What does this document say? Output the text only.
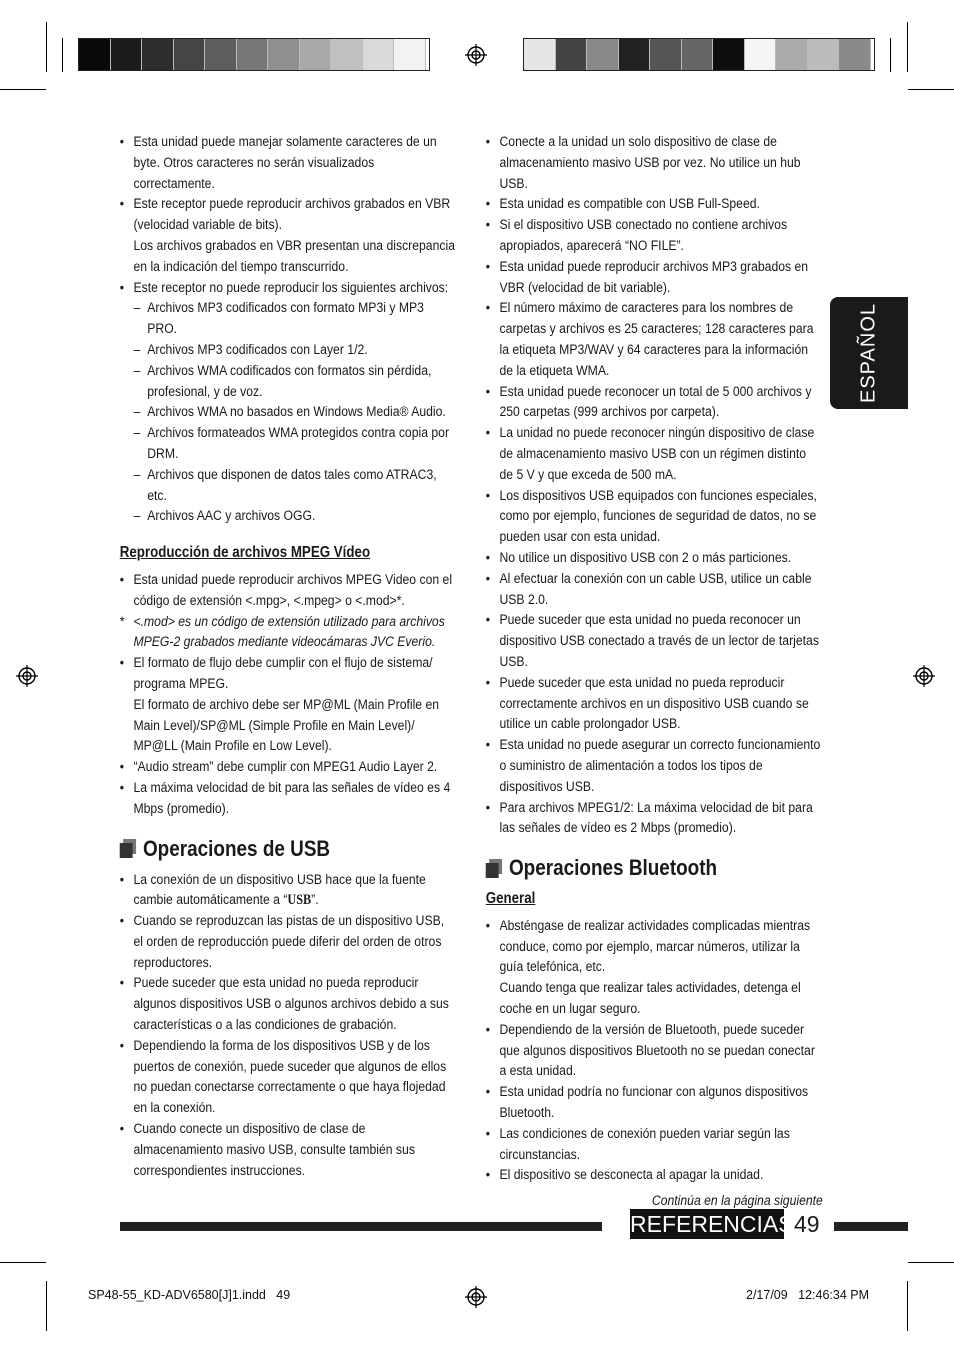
ESPAÑOL
• Esta unidad puede manejar solamente caracteres de un byte. Otros caracteres no serán visualizados correctamente.
• Este receptor puede reproducir archivos grabados en VBR (velocidad variable de bits).
Los archivos grabados en VBR presentan una discrepancia en la indicación del tiempo transcurrido.
• Este receptor no puede reproducir los siguientes archivos:
– Archivos MP3 codificados con formato MP3i y MP3 PRO.
– Archivos MP3 codificados con Layer 1/2.
– Archivos WMA codificados con formatos sin pérdida, profesional, y de voz.
– Archivos WMA no basados en Windows Media® Audio.
– Archivos formateados WMA protegidos contra copia por DRM.
– Archivos que disponen de datos tales como ATRAC3, etc.
– Archivos AAC y archivos OGG.
Reproducción de archivos MPEG Vídeo
• Esta unidad puede reproducir archivos MPEG Video con el código de extensión <.mpg>, <.mpeg> o <.mod>*.
* <.mod> es un código de extensión utilizado para archivos MPEG-2 grabados mediante videocámaras JVC Everio.
• El formato de flujo debe cumplir con el flujo de sistema/ programa MPEG.
El formato de archivo debe ser MP@ML (Main Profile en Main Level)/SP@ML (Simple Profile en Main Level)/ MP@LL (Main Profile en Low Level).
• “Audio stream” debe cumplir con MPEG1 Audio Layer 2.
• La máxima velocidad de bit para las señales de vídeo es 4 Mbps (promedio).
Operaciones de USB
• La conexión de un dispositivo USB hace que la fuente cambie automáticamente a “USB”.
• Cuando se reproduzcan las pistas de un dispositivo USB, el orden de reproducción puede diferir del orden de otros reproductores.
• Puede suceder que esta unidad no pueda reproducir algunos dispositivos USB o algunos archivos debido a sus características o a las condiciones de grabación.
• Dependiendo la forma de los dispositivos USB y de los puertos de conexión, puede suceder que algunos de ellos no puedan conectarse correctamente o que haya flojedad en la conexión.
• Cuando conecte un dispositivo de clase de almacenamiento masivo USB, consulte también sus correspondientes instrucciones.
• Conecte a la unidad un solo dispositivo de clase de almacenamiento masivo USB por vez. No utilice un hub USB.
• Esta unidad es compatible con USB Full-Speed.
• Si el dispositivo USB conectado no contiene archivos apropiados, aparecerá “NO FILE”.
• Esta unidad puede reproducir archivos MP3 grabados en VBR (velocidad de bit variable).
• El número máximo de caracteres para los nombres de carpetas y archivos es 25 caracteres; 128 caracteres para la etiqueta MP3/WAV y 64 caracteres para la información de la etiqueta WMA.
• Esta unidad puede reconocer un total de 5 000 archivos y 250 carpetas (999 archivos por carpeta).
• La unidad no puede reconocer ningún dispositivo de clase de almacenamiento masivo USB con un régimen distinto de 5 V y que exceda de 500 mA.
• Los dispositivos USB equipados con funciones especiales, como por ejemplo, funciones de seguridad de datos, no se pueden usar con esta unidad.
• No utilice un dispositivo USB con 2 o más particiones.
• Al efectuar la conexión con un cable USB, utilice un cable USB 2.0.
• Puede suceder que esta unidad no pueda reconocer un dispositivo USB conectado a través de un lector de tarjetas USB.
• Puede suceder que esta unidad no pueda reproducir correctamente archivos en un dispositivo USB cuando se utilice un cable prolongador USB.
• Esta unidad no puede asegurar un correcto funcionamiento o suministro de alimentación a todos los tipos de dispositivos USB.
• Para archivos MPEG1/2: La máxima velocidad de bit para las señales de vídeo es 2 Mbps (promedio).
Operaciones Bluetooth
General
• Absténgase de realizar actividades complicadas mientras conduce, como por ejemplo, marcar números, utilizar la guía telefónica, etc.
Cuando tenga que realizar tales actividades, detenga el coche en un lugar seguro.
• Dependiendo de la versión de Bluetooth, puede suceder que algunos dispositivos Bluetooth no se puedan conectar a esta unidad.
• Esta unidad podría no funcionar con algunos dispositivos Bluetooth.
• Las condiciones de conexión pueden variar según las circunstancias.
• El dispositivo se desconecta al apagar la unidad.
Continúa en la página siguiente
REFERENCIAS 49
SP48-55_KD-ADV6580[J]1.indd   49	2/17/09   12:46:34 PM
